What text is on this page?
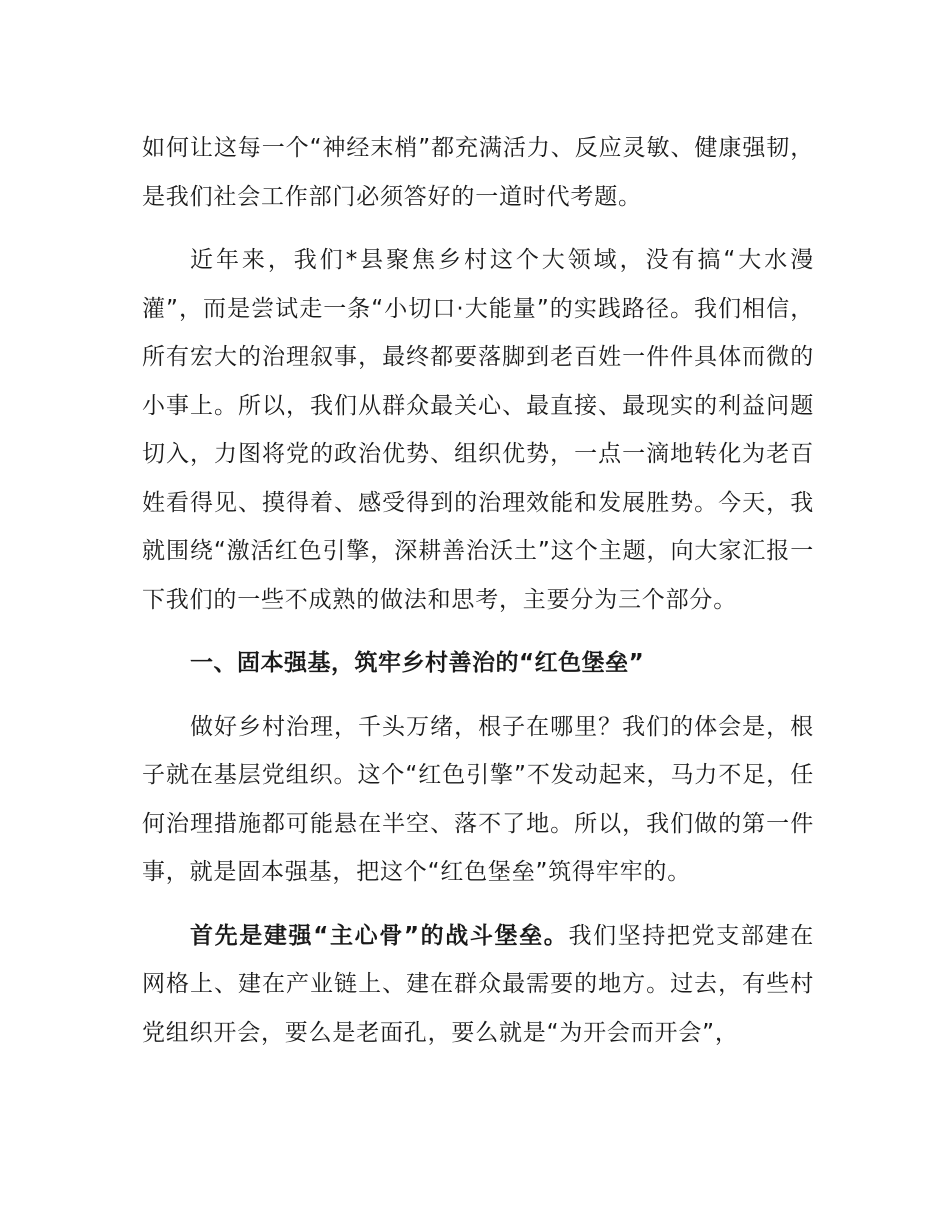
如何让这每一个“神经末梢”都充满活力、反应灵敏、健康强韧，是我们社会工作部门必须答好的一道时代考题。

近年来，我们*县聚焦乡村这个大领域，没有搞“大水漫灌”，而是尝试走一条“小切口·大能量”的实践路径。我们相信，所有宏大的治理叙事，最终都要落脚到老百姓一件件具体而微的小事上。所以，我们从群众最关心、最直接、最现实的利益问题切入，力图将党的政治优势、组织优势，一点一滴地转化为老百姓看得见、摸得着、感受得到的治理效能和发展胜势。今天，我就围绕“激活红色引擎，深耕善治沃土”这个主题，向大家汇报一下我们的一些不成熟的做法和思考，主要分为三个部分。

一、固本强基，筑牢乡村善治的“红色堡垒”

做好乡村治理，千头万绪，根子在哪里？我们的体会是，根子就在基层党组织。这个“红色引擎”不发动起来，马力不足，任何治理措施都可能悬在半空、落不了地。所以，我们做的第一件事，就是固本强基，把这个“红色堡垒”筑得牢牢的。

首先是建强“主心骨”的战斗堡垒。我们坚持把党支部建在网格上、建在产业链上、建在群众最需要的地方。过去，有些村党组织开会，要么是老面孔，要么就是“为开会而开会”，
